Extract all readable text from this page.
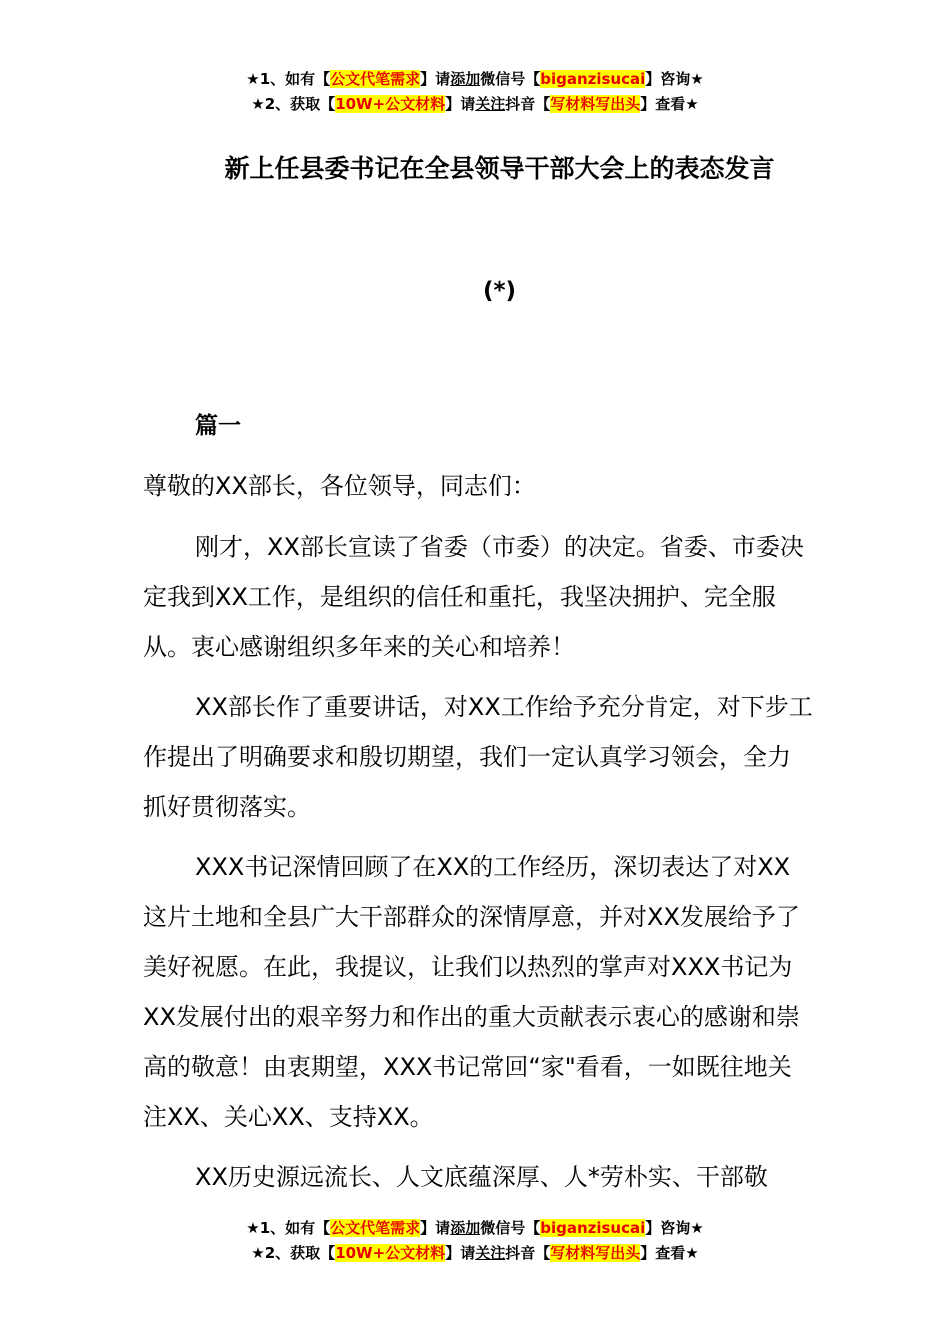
★1、如有【公文代笔需求】请添加微信号【biganzisucai】咨询★
★2、获取【10W+公文材料】请关注抖音【写材料写出头】查看★
新上任县委书记在全县领导干部大会上的表态发言
(*)
篇一

尊敬的XX部长，各位领导，同志们：

刚才，XX部长宣读了省委（市委）的决定。省委、市委决定我到XX工作，是组织的信任和重托，我坚决拥护、完全服从。衷心感谢组织多年来的关心和培养！

XX部长作了重要讲话，对XX工作给予充分肯定，对下步工作提出了明确要求和殷切期望，我们一定认真学习领会，全力抓好贯彻落实。

XXX书记深情回顾了在XX的工作经历，深切表达了对XX这片土地和全县广大干部群众的深情厚意，并对XX发展给予了美好祝愿。在此，我提议，让我们以热烈的掌声对XXX书记为XX发展付出的艰辛努力和作出的重大贡献表示衷心的感谢和崇高的敬意！由衷期望，XXX书记常回“家"看看，一如既往地关注XX、关心XX、支持XX。

XX历史源远流长、人文底蕴深厚、人*劳朴实、干部敬

★1、如有【公文代笔需求】请添加微信号【biganzisucai】咨询★
★2、获取【10W+公文材料】请关注抖音【写材料写出头】查看★
